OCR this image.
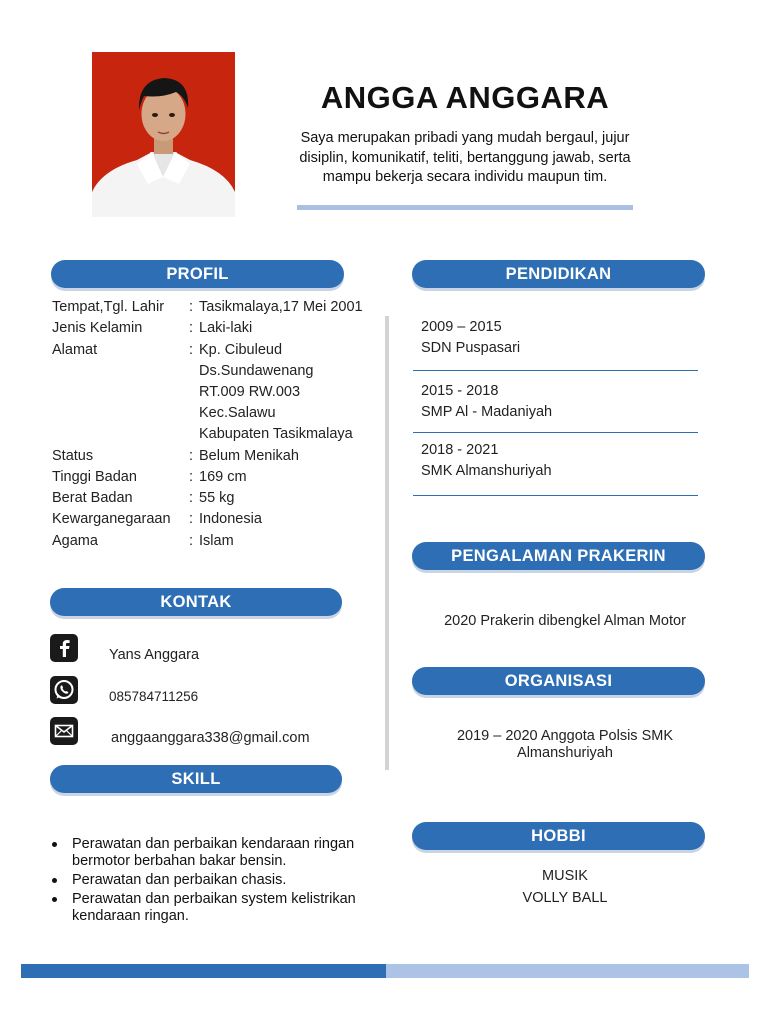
ANGGA ANGGARA
Saya merupakan pribadi yang mudah bergaul, jujur disiplin, komunikatif, teliti, bertanggung jawab, serta mampu bekerja secara individu maupun tim.
PROFIL
KONTAK
SKILL
PENDIDIKAN
PENGALAMAN PRAKERIN
ORGANISASI
HOBBI
Tempat,Tgl. Lahir	: Tasikmalaya,17 Mei 2001
Jenis Kelamin	: Laki-laki
Alamat	: Kp. Cibuleud
Ds.Sundawenang
RT.009 RW.003
Kec.Salawu
Kabupaten Tasikmalaya
Status	: Belum Menikah
Tinggi Badan	: 169 cm
Berat Badan	: 55 kg
Kewarganegaraan	: Indonesia
Agama	: Islam
Yans Anggara
085784711256
anggaanggara338@gmail.com
Perawatan dan perbaikan kendaraan ringan bermotor berbahan bakar bensin.
Perawatan dan perbaikan chasis.
Perawatan dan perbaikan system kelistrikan kendaraan ringan.
2009 – 2015
SDN Puspasari
2015 - 2018
SMP Al - Madaniyah
2018 - 2021
SMK Almanshuriyah
2020 Prakerin dibengkel Alman Motor
2019 – 2020 Anggota Polsis SMK Almanshuriyah
MUSIK
VOLLY BALL
